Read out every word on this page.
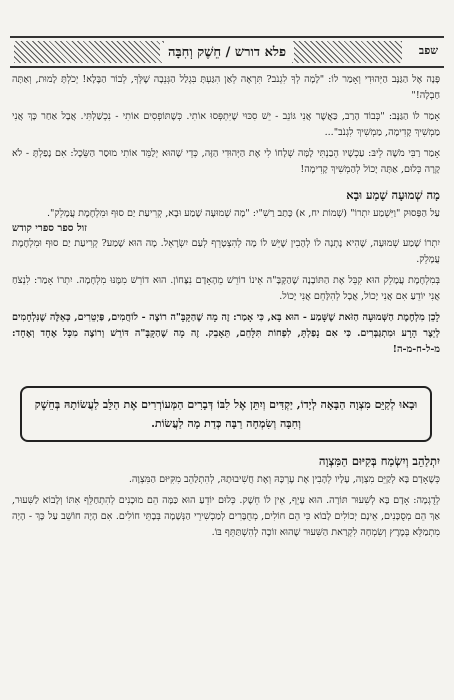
שפב
פלא דורש / חֵשֶׁק וְחִבָּה

פָּנָה אֶל הַגַּנָּב הַיְּהוּדִי וְאָמַר לוֹ: "לָמָה לְךָ לִגְנֹב? תִּרְאֶה לְאַן הִגַּעְתָּ בִּגְלַל הַגְּנֵבָה שֶׁלְּךָ, לְבוֹר הַבֶּלָא! יְכֹלְתָּ לָמוּת, וְאַתָּה חַבְלָה!"

אָמַר לוֹ הַגַּנָּב: "כְּבוֹד הָרַב, כַּאֲשֶׁר אֲנִי גּוֹנֵב - יֵשׁ סִכּוּי שֶׁיִּתְפְּסוּ אוֹתִי. כְּשֶׁתּוֹפְסִים אוֹתִי - נִכְשַׁלְתִּי. אֲבָל אַחַר כָּךְ אֲנִי מַמְשִׁיךְ קָדִימָה, מַמְשִׁיךְ לִגְנֹב"...

אָמַר רַבִּי מֹשֶׁה לֵיבּ: עַכְשָׁיו הֵבַנְתִּי לָמָּה שְׁלָחוֹ לִי אֶת הַיְּהוּדִי הַזֶּה, כְּדֵי שֶׁהוּא יְלַמֵּד אוֹתִי מוּסַר הַשֵּׂכֶל: אִם נָפַלְתָּ - לֹא קָרָה כְּלוּם, אַתָּה יָכוֹל לְהַמְשִׁיךְ קָדִימָה!

מָה שְׁמוּעָה שָׁמַע וּבָא

עַל הַפָּסוּק "וַיִּשְׁמַע יִתְרוֹ" (שְׁמוֹת יח, א) כָּתַב רַשִׁ"י: "מָה שְׁמוּעָה שָׁמַע וּבָא, קְרִיעַת יַם סוּף וּמִלְחֶמֶת עֲמָלֵק".

זול ספר ספרי קודש

יִתְרוֹ שָׁמַע שְׁמוּעָה, שֶׁהִיא נָתְנָה לוֹ לְהָבִין שֶׁיֵּשׁ לוֹ מָה לְהִצְטָרֵף לְעַם יִשְׂרָאֵל. מָה הוּא שָׁמַע? קְרִיעַת יַם סוּף וּמִלְחֶמֶת עֲמָלֵק.

בְּמִלְחֶמֶת עֲמָלֵק הוּא קִבֵּל אֶת הַתּוֹבָנָה שֶׁהַקָּבָּ"ה אֵינוֹ דוֹרֵשׁ מֵהָאָדָם נִצָּחוֹן. הוּא דוֹרֵשׁ מִמֶּנּוּ מִלְחָמָה. יִתְרוֹ אָמַר: לִנְצֹחַ אֲנִי יוֹדֵעַ אִם אֲנִי יָכוֹל, אֲבָל לְהִלָּחֵם אֲנִי יָכוֹל.

לָכֵן מִלְחֶמֶת הַשְּׁמוּעָה הַזֹּאת שֶׁשָּׁמַע - הוּא בָּא, כִּי אָמַר: זֶה מָה שֶׁהַקָּבָּ"ה רוֹצֶה - לוֹחֲמִים, פַּיְטֵרִים, כְּאֵלֶּה שֶׁנִּלְחָמִים לְיֵצֶר הָרָע וּמִתְגַּבְּרִים. כִּי אִם נָפַלְתָּ, לִפְחוֹת תִּלָּחֵם, תֵּאָבֵק. זֶה מָה שֶׁהַקָּבָּ"ה דּוֹרֵשׁ וְרוֹצֶה מִכָּל אֶחָד וְאֶחָד: מ-ל-ח-מ-ה!

וּבָאוּ לְקַיֵּם מִצְוָה הַבָּאָה לְיָדוֹ, יַקְדִּים וְיִתֵּן אֶל לִבּוֹ דְּבָרִים הַמְּעוֹרְרִים אֶת הַלֵּב לַעֲשׂוֹתָהּ בְּחֵשֶׁק וְחִבָּה וְשִׂמְחָה רַבָּה כְּדַת מָה לַעֲשׂוֹת.
יִתְלַהֵב וְיִשְׂמַח בְּקִיּוּם הַמִּצְוָה

כְּשֶׁאָדָם בָּא לְקַיֵּם מִצְוָה, עָלָיו לְהָבִין אֶת עֶרְכָּהּ וְאֶת חֲשִׁיבוּתָהּ, לְהִתְלַהֵב מִקִּיּוּם הַמִּצְוָה.

לְדֻגְמָה: אָדָם בָּא לְשִׁעוּר תּוֹרָה. הוּא עָיֵף, אֵין לוֹ חֵשֶׁק. כְּלוּם יוֹדֵעַ הוּא כַּמָּה הֵם מוּכָנִים לְהִתְחַלֵּף אִתּוֹ וְלָבוֹא לַשִּׁעוּר, אַךְ הֵם מְסֻכָּנִים, אֵינָם יְכוֹלִים לָבוֹא כִּי הֵם חוֹלִים, מְחֻבָּרִים לְמַכְשִׁירֵי הַנְּשָׁמָה בְּבָתֵּי חוֹלִים. אִם הָיָה חוֹשֵׁב עַל כָּךְ - הָיָה מִתְמַלֵּא בְּמֶרֶץ וְשִׂמְחָה לִקְרַאת הַשִּׁעוּר שֶׁהוּא זוֹכֶה לְהִשְׁתַּתֵּף בּוֹ.
